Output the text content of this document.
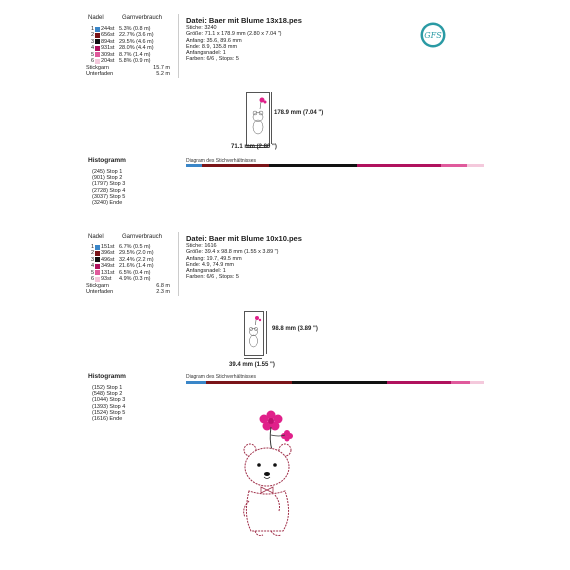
Nadel	Garnverbrauch
1 244st 5.3% (0.8 m)
2 656st 22.7% (3.6 m)
3 894st 29.5% (4.6 m)
4 931st 28.0% (4.4 m)
5 309st 8.7% (1.4 m)
6 204st 5.8% (0.9 m)
Stickgarn	15.7 m
Unterfaden	5.2 m
Datei: Baer mit Blume 13x18.pes
Stiche: 3240
Größe: 71.1 x 178.9 mm (2.80 x 7.04 ")
Anfang: 35.6, 89.6 mm
Ende: 8.9, 135.8 mm
Anfangsnadel: 1
Farben: 6/6 , Stops: 5
GFS
178.9 mm (7.04 ")
71.1 mm (2.80 ")
Histogramm	Diagram des Stichverhältnisses
(245) Stop 1
(901) Stop 2
(1797) Stop 3
(2728) Stop 4
(3037) Stop 5
(3240) Ende
Nadel	Garnverbrauch
1 151st 6.7% (0.5 m)
2 396st 29.5% (2.0 m)
3 496st 32.4% (2.2 m)
4 349st 21.6% (1.4 m)
5 131st 6.5% (0.4 m)
6 93st	4.9% (0.3 m)
Stickgarn	6.8 m
Unterfaden	2.3 m
Datei: Baer mit Blume 10x10.pes
Stiche: 1616
Größe: 39.4 x 98.8 mm (1.55 x 3.89 ")
Anfang: 19.7, 49.5 mm
Ende: 4.9, 74.9 mm
Anfangsnadel: 1
Farben: 6/6 , Stops: 5
98.8 mm (3.89 ")
39.4 mm (1.55 ")
Histogramm	Diagram des Stichverhältnisses
(152) Stop 1
(548) Stop 2
(1044) Stop 3
(1393) Stop 4
(1524) Stop 5
(1616) Ende
